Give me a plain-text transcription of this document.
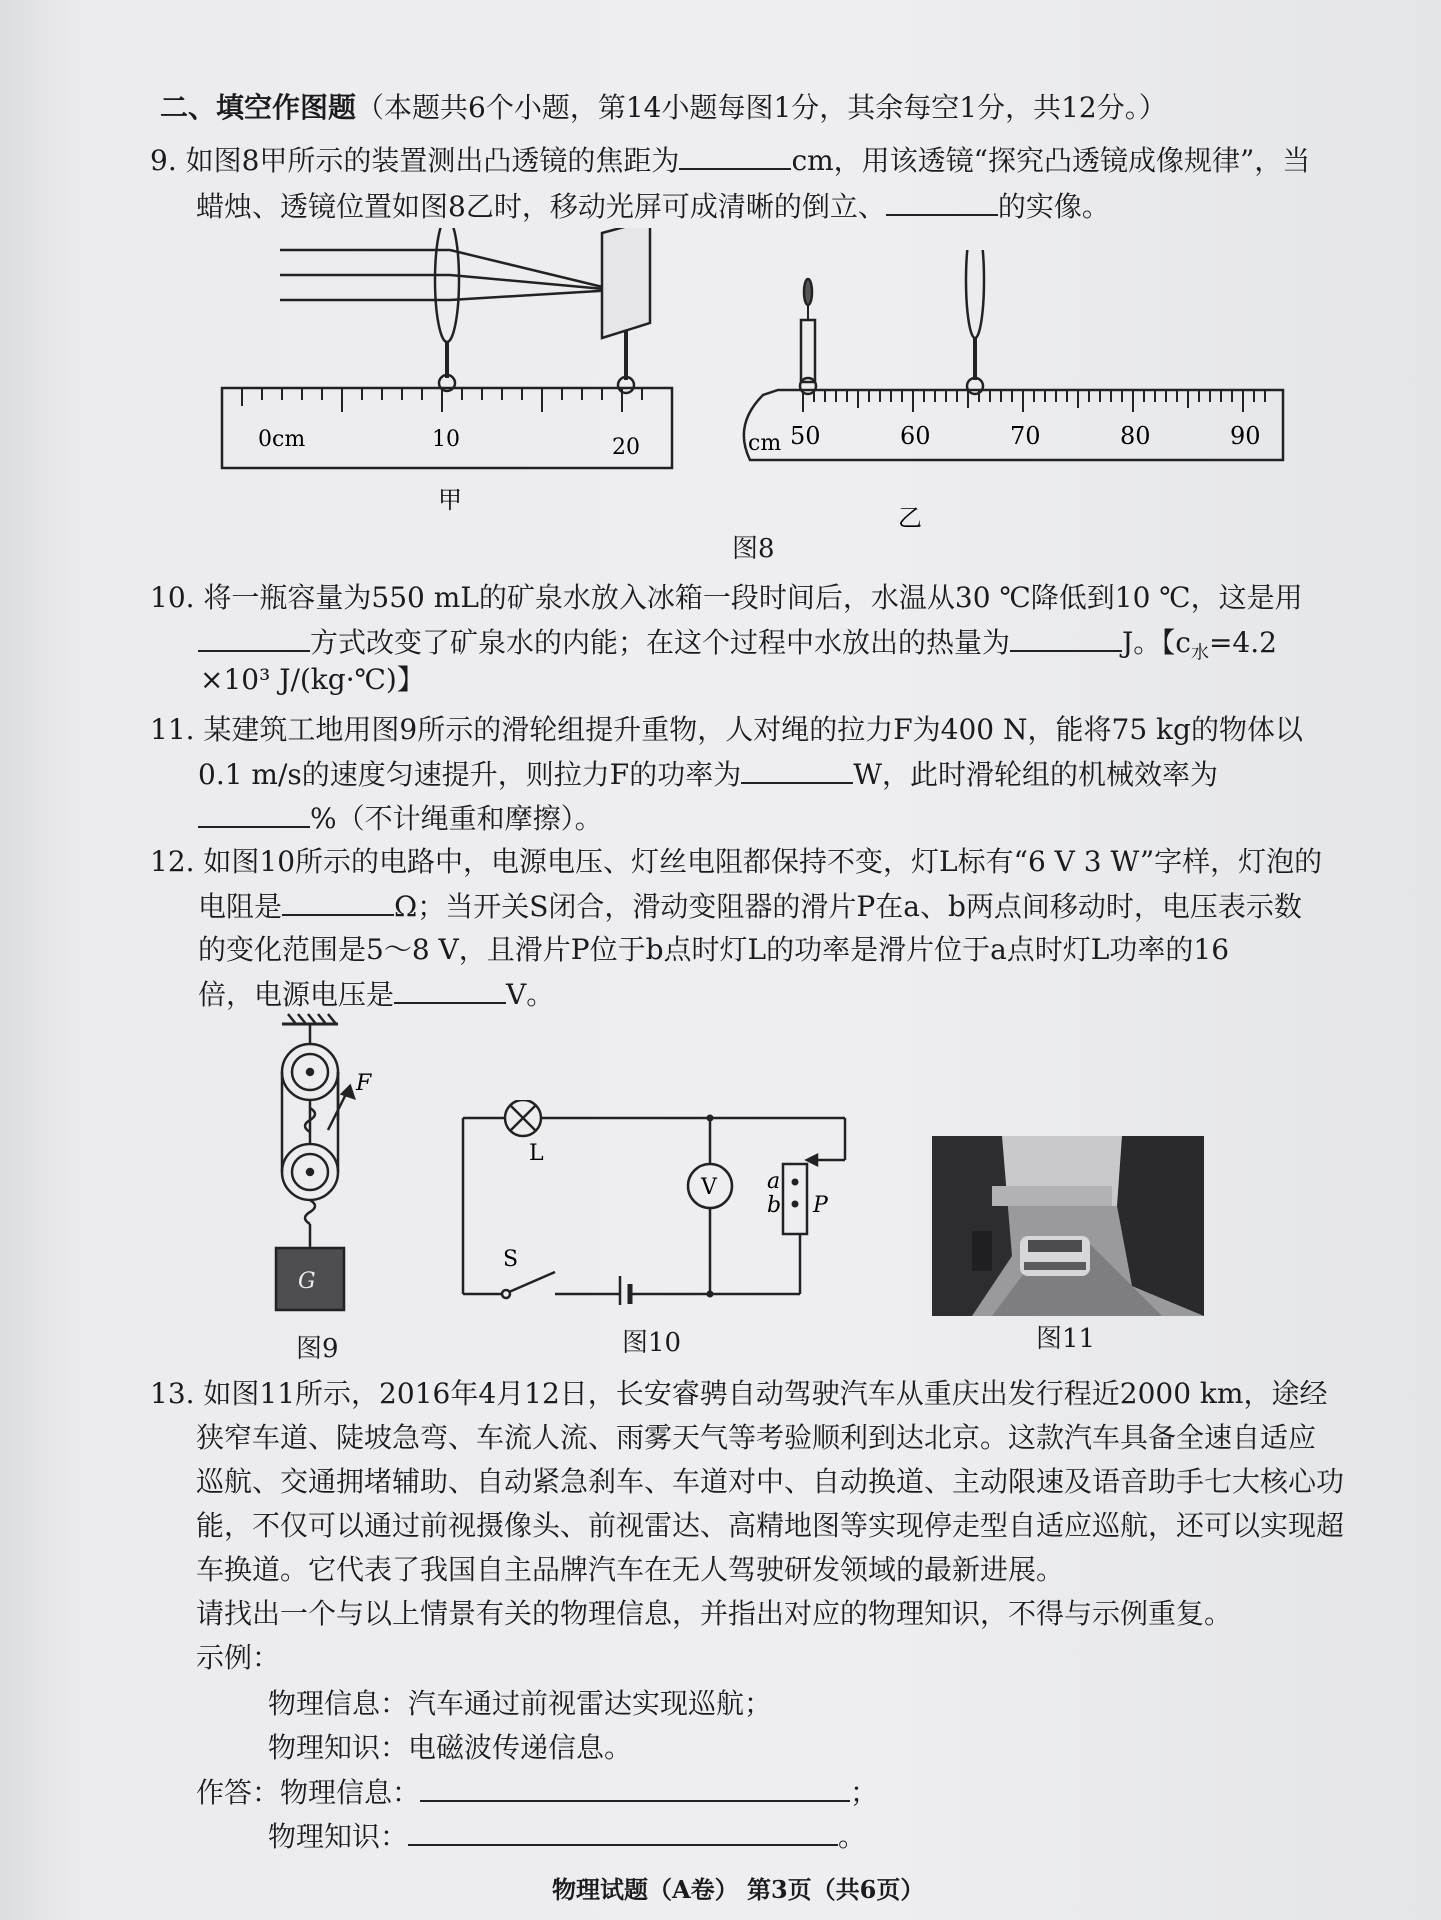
二、填空作图题（本题共6个小题，第14小题每图1分，其余每空1分，共12分。）
9. 如图8甲所示的装置测出凸透镜的焦距为	cm，用该透镜“探究凸透镜成像规律”，当
蜡烛、透镜位置如图8乙时，移动光屏可成清晰的倒立、	的实像。
0cm	10	20
甲
cm 50	60	70	80	90
乙
图8
10. 将一瓶容量为550 mL的矿泉水放入冰箱一段时间后，水温从30 ℃降低到10 ℃，这是用
方式改变了矿泉水的内能；在这个过程中水放出的热量为	J。【$c_水=4.2$
×10³ J/(kg·℃)】
11. 某建筑工地用图9所示的滑轮组提升重物，人对绳的拉力F为400 N，能将75 kg的物体以
0.1 m/s的速度匀速提升，则拉力F的功率为	W，此时滑轮组的机械效率为
%（不计绳重和摩擦）。
12. 如图10所示的电路中，电源电压、灯丝电阻都保持不变，灯L标有“6 V 3 W”字样，灯泡的
电阻是	Ω；当开关S闭合，滑动变阻器的滑片P在a、b两点间移动时，电压表示数
的变化范围是5～8 V，且滑片P位于b点时灯L的功率是滑片位于a点时灯L功率的16
倍，电源电压是	V。
F
G
图9
L
V
S
a
b P
图10	图11
13. 如图11所示，2016年4月12日，长安睿骋自动驾驶汽车从重庆出发行程近2000 km，途经
狭窄车道、陡坡急弯、车流人流、雨雾天气等考验顺利到达北京。这款汽车具备全速自适应
巡航、交通拥堵辅助、自动紧急刹车、车道对中、自动换道、主动限速及语音助手七大核心功
能，不仅可以通过前视摄像头、前视雷达、高精地图等实现停走型自适应巡航，还可以实现超
车换道。它代表了我国自主品牌汽车在无人驾驶研发领域的最新进展。
请找出一个与以上情景有关的物理信息，并指出对应的物理知识，不得与示例重复。
示例：
物理信息：汽车通过前视雷达实现巡航；
物理知识：电磁波传递信息。
作答：物理信息：	；
物理知识：	。
物理试题（A卷） 第3页（共6页）
